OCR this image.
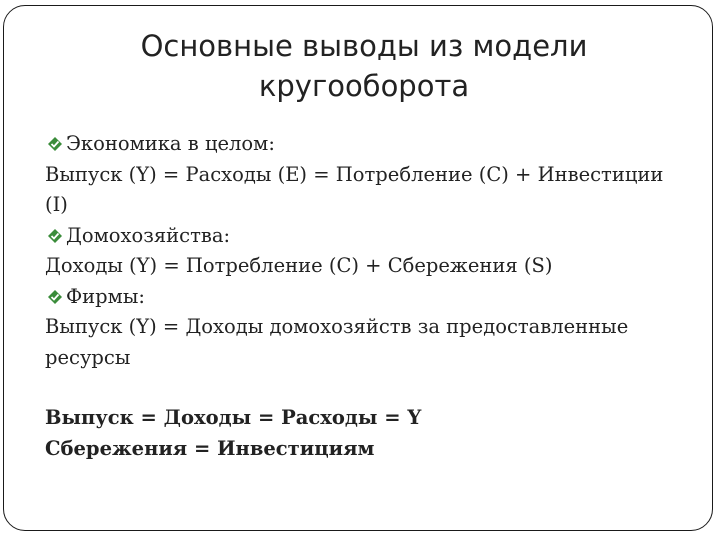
Основные выводы из модели
кругооборота
Экономика в целом:
Выпуск (Y) = Расходы (Е) = Потребление (С) + Инвестиции
(I)
Домохозяйства:
Доходы (Y) = Потребление (С) + Сбережения (S)
Фирмы:
Выпуск (Y) = Доходы домохозяйств за предоставленные
ресурсы
Выпуск = Доходы = Расходы = Y
Сбережения = Инвестициям
